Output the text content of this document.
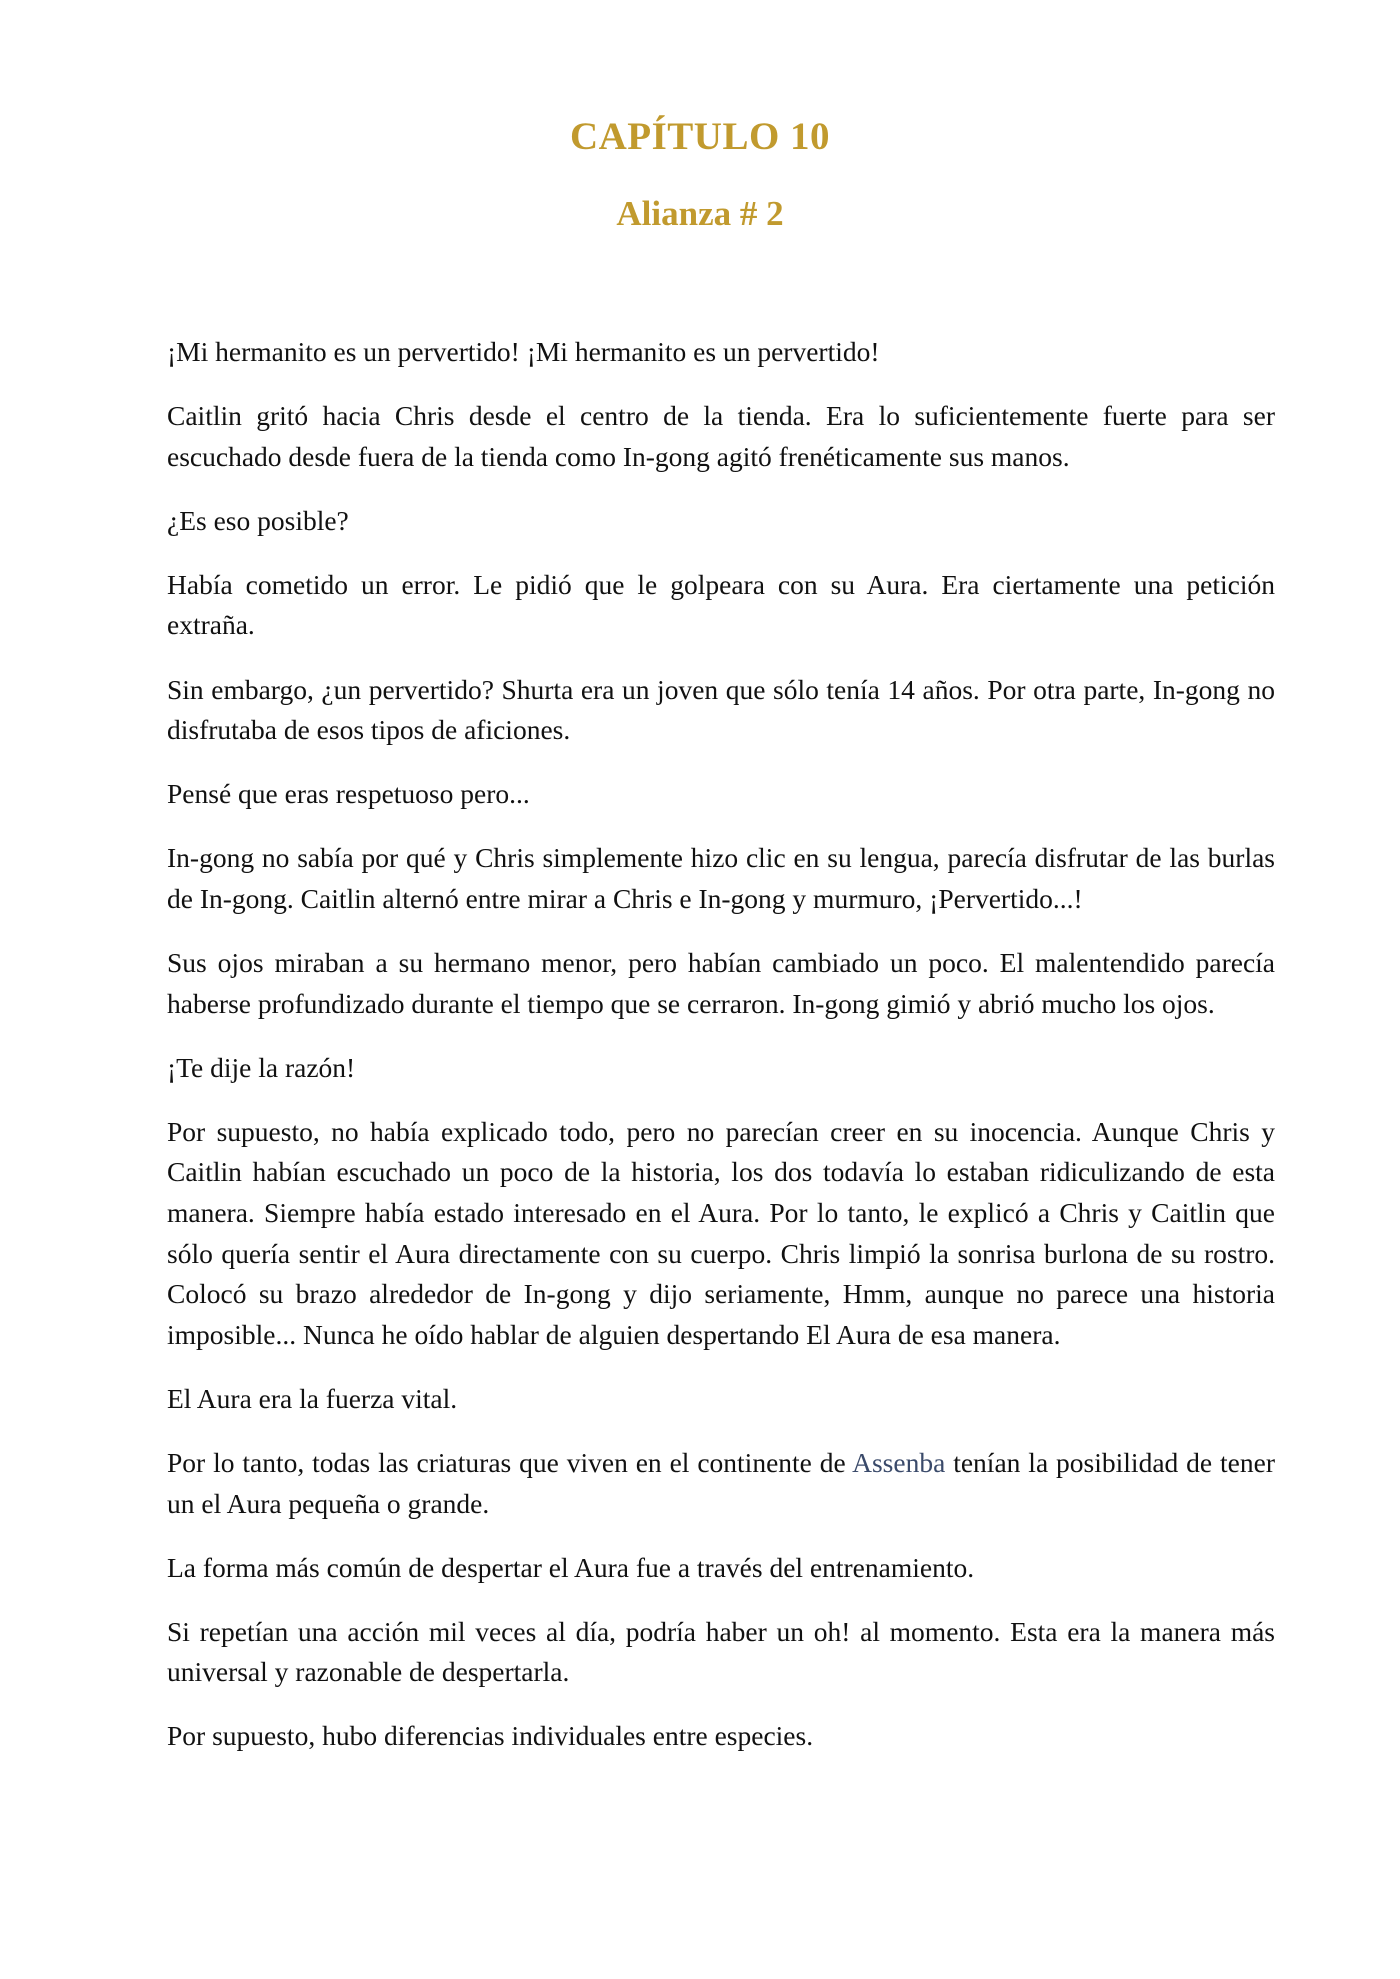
CAPÍTULO 10
Alianza # 2

¡Mi hermanito es un pervertido! ¡Mi hermanito es un pervertido!

Caitlin gritó hacia Chris desde el centro de la tienda. Era lo suficientemente fuerte para ser escuchado desde fuera de la tienda como In-gong agitó frenéticamente sus manos.

¿Es eso posible?

Había cometido un error. Le pidió que le golpeara con su Aura. Era ciertamente una petición extraña.

Sin embargo, ¿un pervertido? Shurta era un joven que sólo tenía 14 años. Por otra parte, In-gong no disfrutaba de esos tipos de aficiones.

Pensé que eras respetuoso pero...

In-gong no sabía por qué y Chris simplemente hizo clic en su lengua, parecía disfrutar de las burlas de In-gong. Caitlin alternó entre mirar a Chris e In-gong y murmuro, ¡Pervertido...!

Sus ojos miraban a su hermano menor, pero habían cambiado un poco. El malentendido parecía haberse profundizado durante el tiempo que se cerraron. In-gong gimió y abrió mucho los ojos.

¡Te dije la razón!

Por supuesto, no había explicado todo, pero no parecían creer en su inocencia. Aunque Chris y Caitlin habían escuchado un poco de la historia, los dos todavía lo estaban ridiculizando de esta manera. Siempre había estado interesado en el Aura. Por lo tanto, le explicó a Chris y Caitlin que sólo quería sentir el Aura directamente con su cuerpo. Chris limpió la sonrisa burlona de su rostro. Colocó su brazo alrededor de In-gong y dijo seriamente, Hmm, aunque no parece una historia imposible... Nunca he oído hablar de alguien despertando El Aura de esa manera.

El Aura era la fuerza vital.

Por lo tanto, todas las criaturas que viven en el continente de Assenba tenían la posibilidad de tener un el Aura pequeña o grande.

La forma más común de despertar el Aura fue a través del entrenamiento.

Si repetían una acción mil veces al día, podría haber un oh! al momento. Esta era la manera más universal y razonable de despertarla.

Por supuesto, hubo diferencias individuales entre especies.
